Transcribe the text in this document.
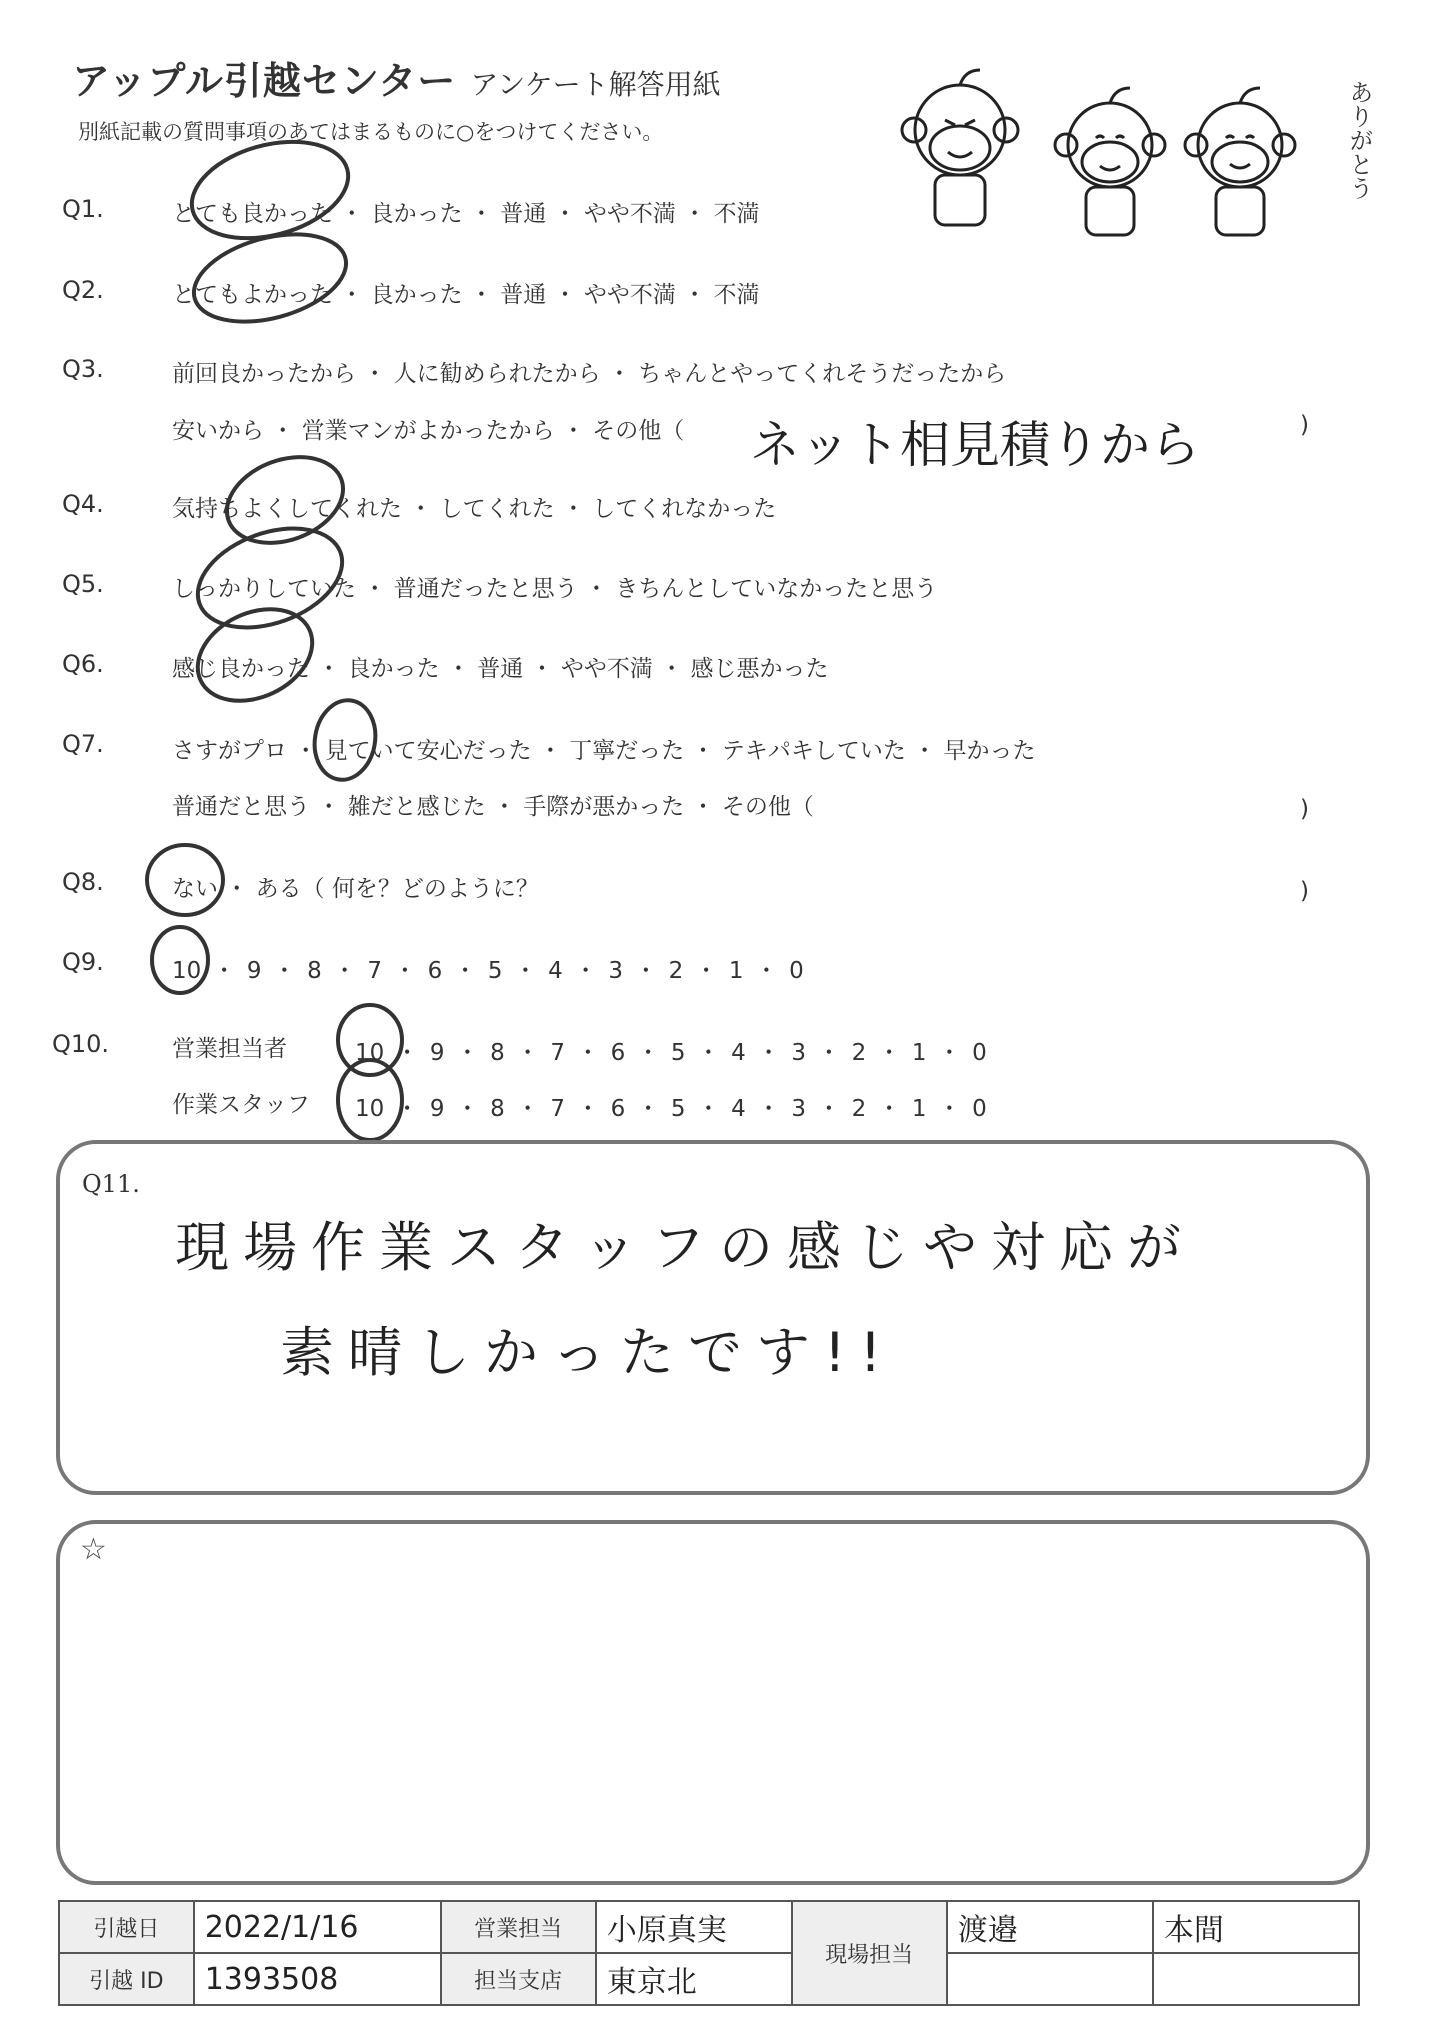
アップル引越センター アンケート解答用紙
別紙記載の質問事項のあてはまるものに○をつけてください。	ありがとう
Q1.	とても良かった ・ 良かった ・ 普通 ・ やや不満 ・ 不満
Q2.	とてもよかった ・ 良かった ・ 普通 ・ やや不満 ・ 不満
Q3.	前回良かったから ・ 人に勧められたから ・ ちゃんとやってくれそうだったから
安いから ・ 営業マンがよかったから ・ その他（ ネット相見積りから	)
Q4.	気持ちよくしてくれた ・ してくれた ・ してくれなかった
Q5.	しっかりしていた ・ 普通だったと思う ・ きちんとしていなかったと思う
Q6.	感じ良かった ・ 良かった ・ 普通 ・ やや不満 ・ 感じ悪かった
Q7.	さすがプロ ・ 見ていて安心だった ・ 丁寧だった ・ テキパキしていた ・ 早かった
普通だと思う ・ 雑だと感じた ・ 手際が悪かった ・ その他（	)
Q8.	ない ・ ある（ 何を？どのように？	)
Q9.	10 ・ 9 ・ 8 ・ 7 ・ 6 ・ 5 ・ 4 ・ 3 ・ 2 ・ 1 ・ 0
Q10.	営業担当者	10 ・ 9 ・ 8 ・ 7 ・ 6 ・ 5 ・ 4 ・ 3 ・ 2 ・ 1 ・ 0
作業スタッフ 10 ・ 9 ・ 8 ・ 7 ・ 6 ・ 5 ・ 4 ・ 3 ・ 2 ・ 1 ・ 0
Q11.
現場作業スタッフの感じや対応が
素晴しかったです!!
☆
引越日	2022/1/16	営業担当	小原真実	現場担当	渡邉	本間
引越 ID	1393508	担当支店	東京北			
